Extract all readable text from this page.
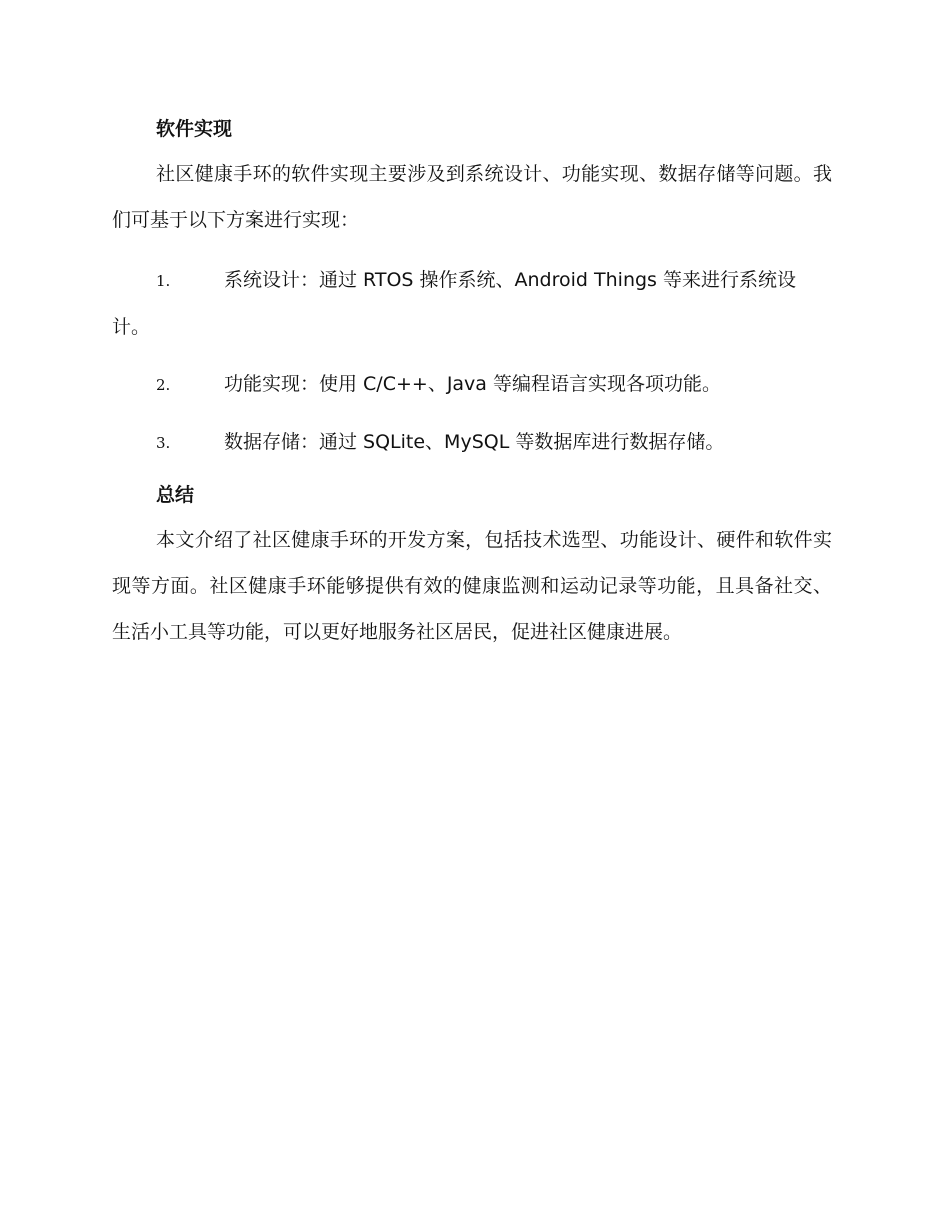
软件实现

社区健康手环的软件实现主要涉及到系统设计、功能实现、数据存储等问题。我们可基于以下方案进行实现：

1.	系统设计：通过 RTOS 操作系统、Android Things 等来进行系统设计。
2.	功能实现：使用 C/C++、Java 等编程语言实现各项功能。
3.	数据存储：通过 SQLite、MySQL 等数据库进行数据存储。
总结

本文介绍了社区健康手环的开发方案，包括技术选型、功能设计、硬件和软件实现等方面。社区健康手环能够提供有效的健康监测和运动记录等功能，且具备社交、生活小工具等功能，可以更好地服务社区居民，促进社区健康进展。
